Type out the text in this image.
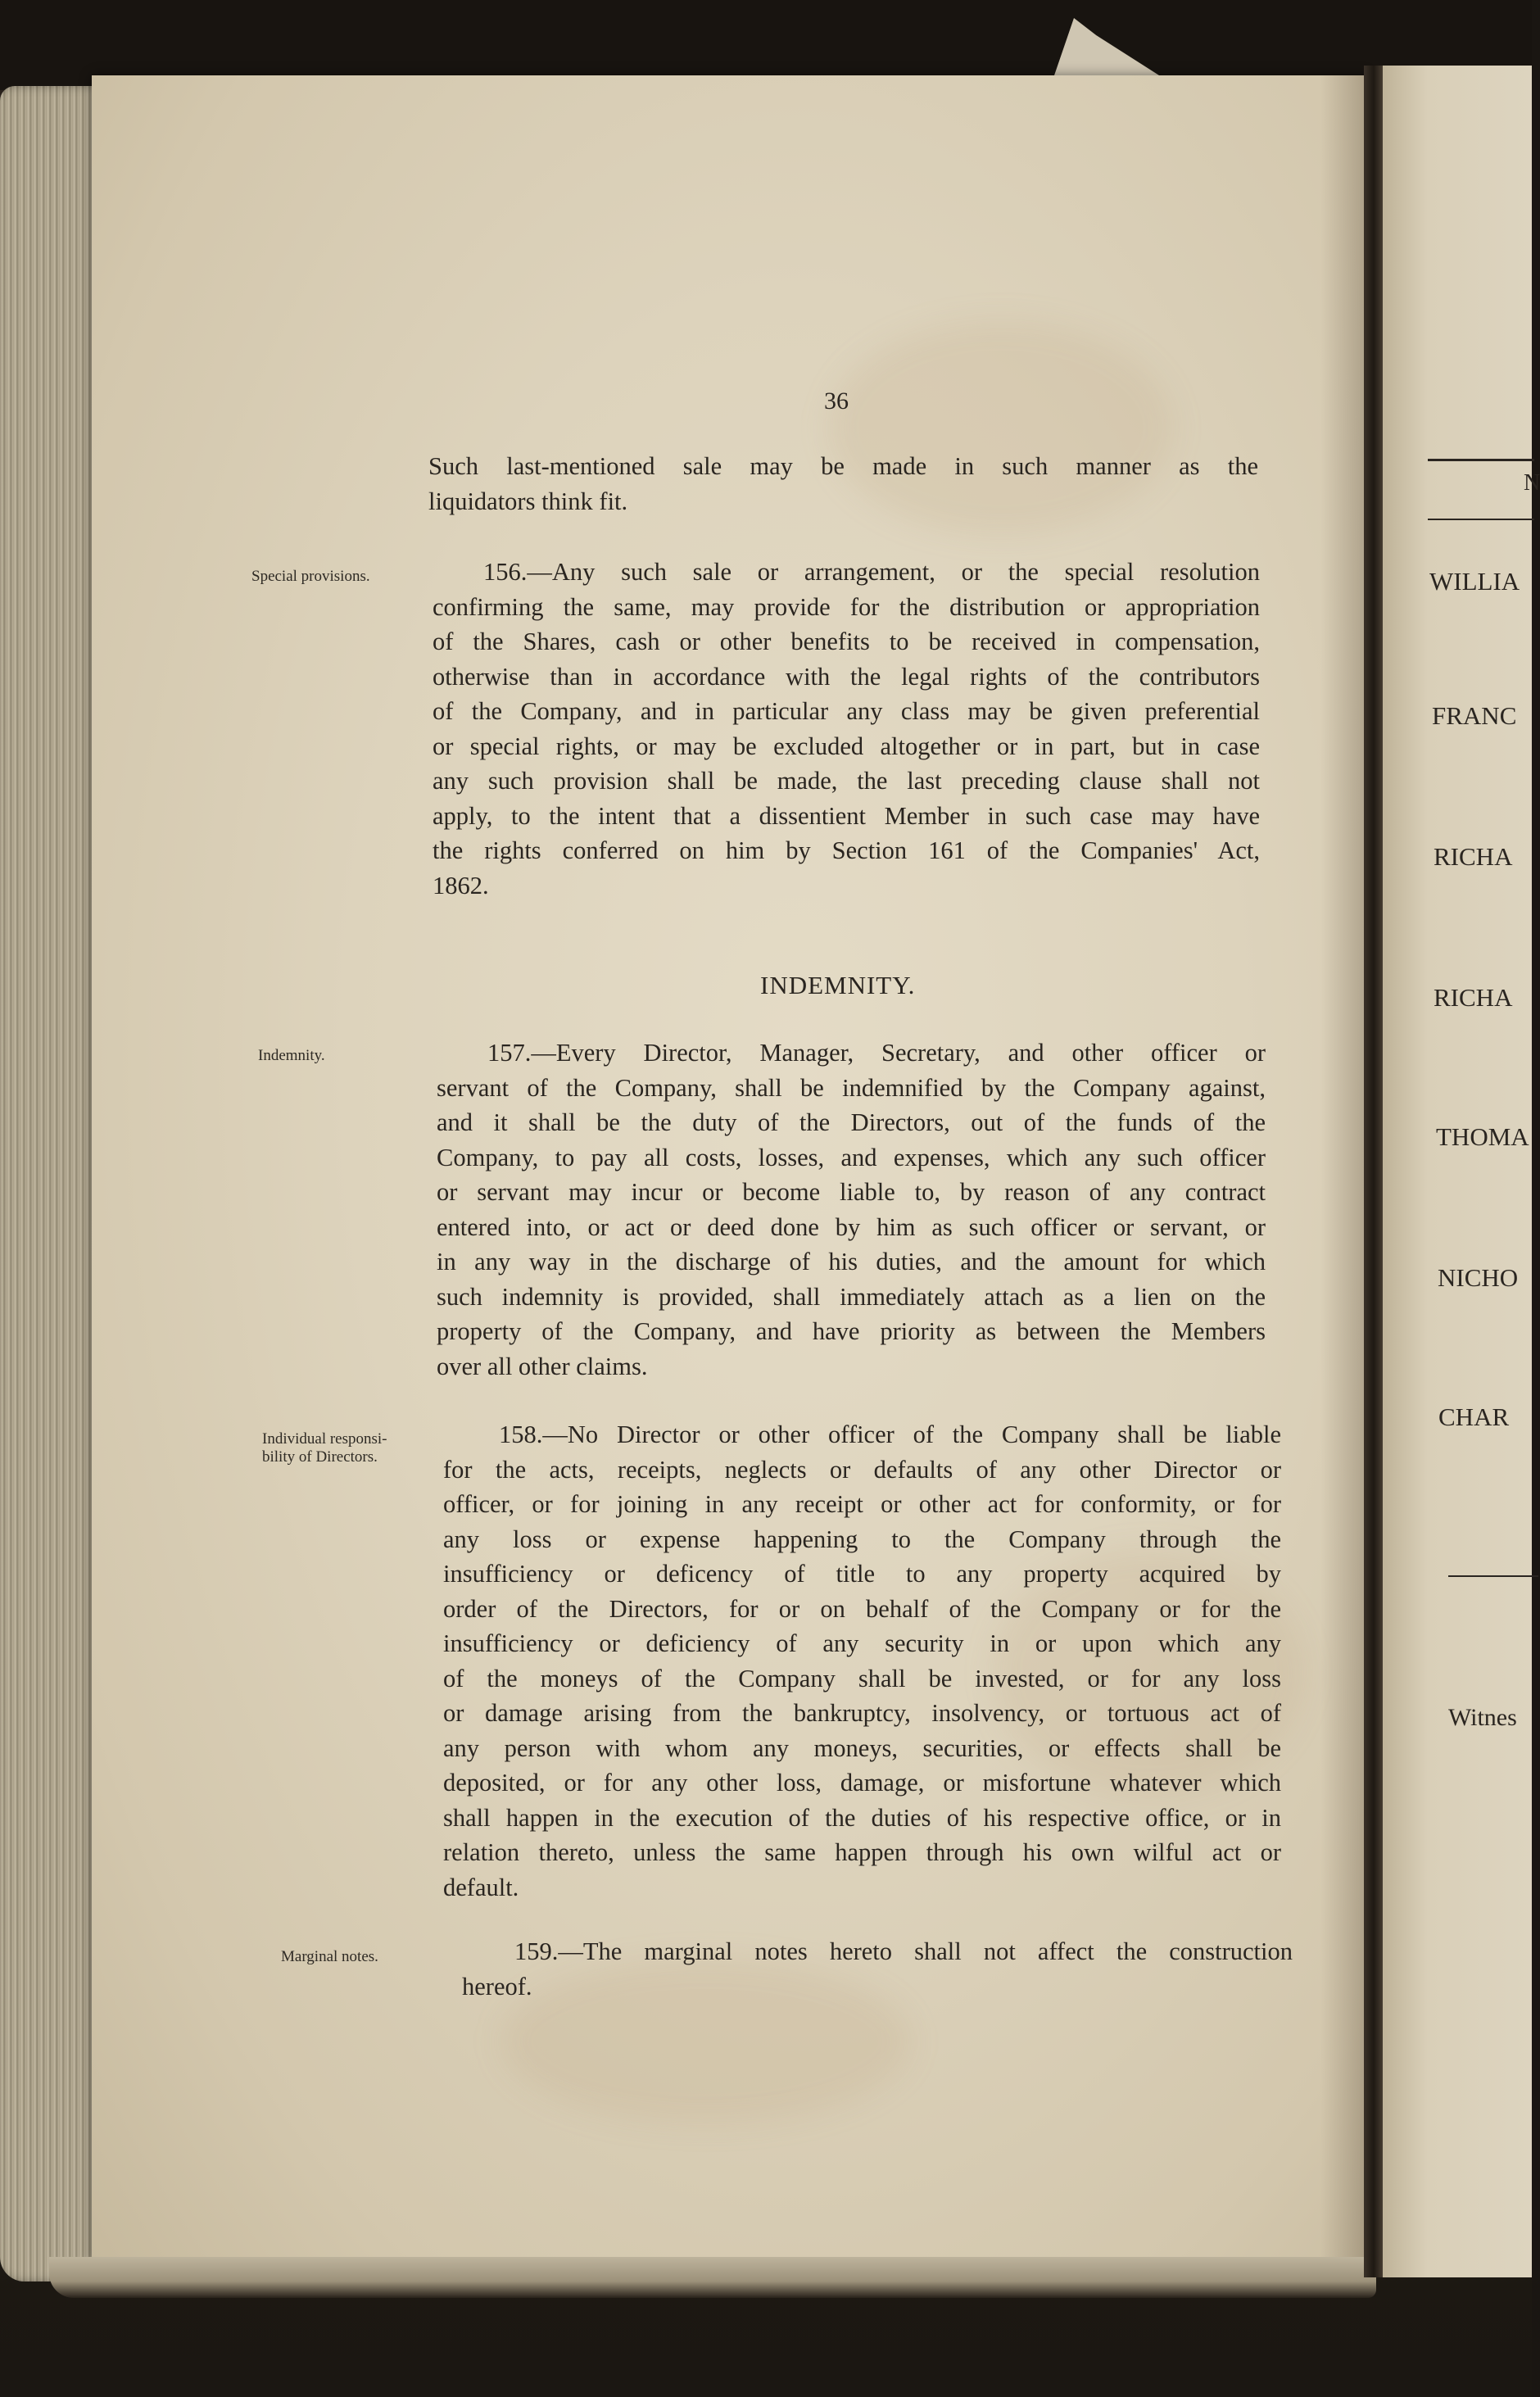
N
WILLIA
FRANC
RICHA
RICHA
THOMA
NICHO
CHAR
Witnes
36
Such last-mentioned sale may be made in such manner as the
liquidators think fit.
Special provisions.	156.—Any such sale or arrangement, or the special resolution
confirming the same, may provide for the distribution or appropriation
of the Shares, cash or other benefits to be received in compensation,
otherwise than in accordance with the legal rights of the contributors
of the Company, and in particular any class may be given preferential
or special rights, or may be excluded altogether or in part, but in case
any such provision shall be made, the last preceding clause shall not
apply, to the intent that a dissentient Member in such case may have
the rights conferred on him by Section 161 of the Companies' Act,
1862.
INDEMNITY.
Indemnity.	157.—Every Director, Manager, Secretary, and other officer or
servant of the Company, shall be indemnified by the Company against,
and it shall be the duty of the Directors, out of the funds of the
Company, to pay all costs, losses, and expenses, which any such officer
or servant may incur or become liable to, by reason of any contract
entered into, or act or deed done by him as such officer or servant, or
in any way in the discharge of his duties, and the amount for which
such indemnity is provided, shall immediately attach as a lien on the
property of the Company, and have priority as between the Members
over all other claims.
Individual responsi-
bility of Directors.
158.—No Director or other officer of the Company shall be liable
for the acts, receipts, neglects or defaults of any other Director or
officer, or for joining in any receipt or other act for conformity, or for
any loss or expense happening to the Company through the
insufficiency or deficency of title to any property acquired by
order of the Directors, for or on behalf of the Company or for the
insufficiency or deficiency of any security in or upon which any
of the moneys of the Company shall be invested, or for any loss
or damage arising from the bankruptcy, insolvency, or tortuous act of
any person with whom any moneys, securities, or effects shall be
deposited, or for any other loss, damage, or misfortune whatever which
shall happen in the execution of the duties of his respective office, or in
relation thereto, unless the same happen through his own wilful act or
default.
Marginal notes.	159.—The marginal notes hereto shall not affect the construction
hereof.
